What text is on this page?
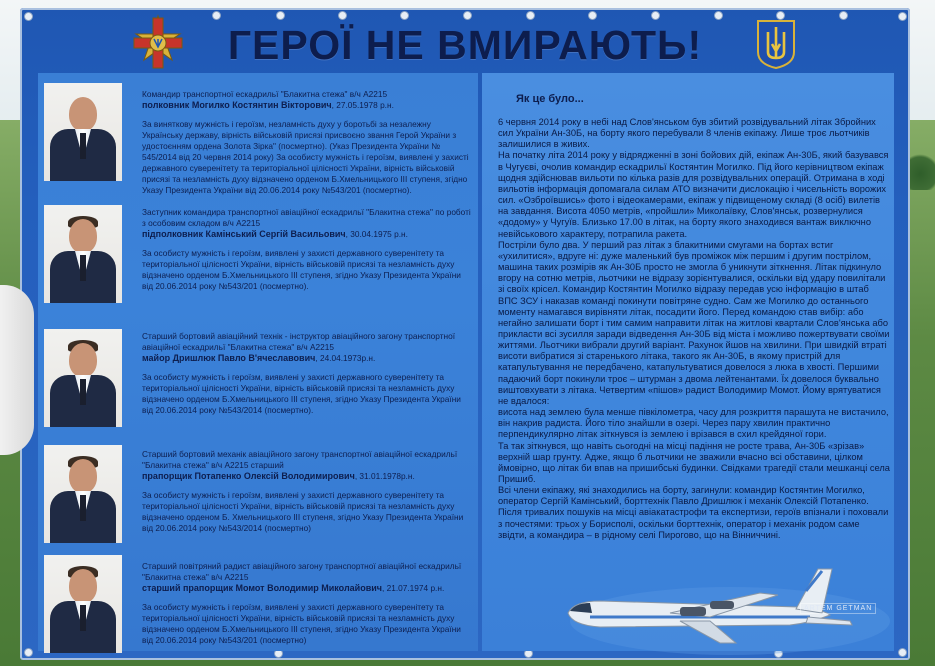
ГЕРОЇ НЕ ВМИРАЮТЬ!

Командир транспортної ескадрильї "Блакитна стежа" в/ч А2215

полковник Могилко Костянтин Вікторович, 27.05.1978 р.н.

За виняткову мужність і героїзм, незламність духу у боротьбі за незалежну Українську державу, вірність військовій присязі присвоєно звання Герой України з удостоєнням ордена Золота Зірка" (посмертно). (Указ Президента України № 545/2014 від 20 червня 2014 року) За особисту мужність і героїзм, виявлені у захисті державного суверенітету та територіальної цілісності України, вірність військовій присязі та незламність духу відзначено орденом Б.Хмельницького ІІІ ступеня, згідно Указу Президента України від 20.06.2014 року №543/201 (посмертно).

Заступник командира транспортної авіаційної ескадрильї "Блакитна стежа" по роботі з особовим складом в/ч А2215

підполковник Камінський Сергій Васильович, 30.04.1975 р.н.

За особисту мужність і героїзм, виявлені у захисті державного суверенітету та територіальної цілісності України, вірність військовій присязі та незламність духу відзначено орденом Б.Хмельницького ІІІ ступеня, згідно Указу Президента України від 20.06.2014 року №543/201 (посмертно).

Старший бортовий авіаційний технік - інструктор авіаційного загону транспортної авіаційної ескадрильї "Блакитна стежа" в/ч А2215

майор Дришлюк Павло В'ячеславович, 24.04.1973р.н.

За особисту мужність і героїзм, виявлені у захисті державного суверенітету та територіальної цілісності України, вірність військовій присязі та незламність духу відзначено орденом Б.Хмельницького ІІІ ступеня, згідно Указу Президента України від 20.06.2014 року №543/2014 (посмертно).

Старший бортовий механік авіаційного загону транспортної авіаційної ескадрильї "Блакитна стежа" в/ч А2215 старший

прапорщик Потапенко Олексій Володимирович, 31.01.1978р.н.

За особисту мужність і героїзм, виявлені у захисті державного суверенітету та територіальної цілісності України, вірність військовій присязі та незламність духу відзначено орденом Б. Хмельницького ІІІ ступеня, згідно Указу Президента України від 20.06.2014 року №543/2014 (посмертно)

Старший повітряний радист авіаційного загону транспортної авіаційної ескадрильї "Блакитна стежа" в/ч А2215

старший прапорщик Момот Володимир Миколайович, 21.07.1974 р.н.

За особисту мужність і героїзм, виявлені у захисті державного суверенітету та територіальної цілісності України, вірність військовій присязі та незламність духу відзначено орденом Б.Хмельницького ІІІ ступеня, згідно Указу Президента України від 20.06.2014 року №543/201 (посмертно)

Як це було...

6 червня 2014 року в небі над Слов'янськом був збитий розвідувальний літак Збройних сил України Ан-30Б, на борту якого перебували 8 членів екіпажу. Лише троє льотчиків залишилися в живих.

На початку літа 2014 року у відрядженні в зоні бойових дій, екіпаж Ан-30Б, який базувався в Чугуєві, очолив командир ескадрильї Костянтин Могилко. Під його керівництвом екіпаж щодня здійснював вильоти по кілька разів для розвідувальних операцій. Отримана в ході вильотів інформація допомагала силам АТО визначити дислокацію і чисельність ворожих сил. «Озброївшись» фото і відеокамерами, екіпаж у підвищеному складі (8 осіб) вилетів на завдання. Висота 4050 метрів, «пройшли» Миколаївку, Слов'янськ, розвернулися «додому» у Чугуїв. Близько 17.00 в літак, на борту якого знаходився вантаж виключно невійськового характеру, потрапила ракета.

Постріли було два. У перший раз літак з блакитними смугами на бортах встиг «ухилитися», вдруге ні: дуже маленький був проміжок між першим і другим пострілом, машина таких розмірів як Ан-30Б просто не змогла б уникнути зіткнення. Літак підкинуло вгору на сотню метрів, льотчики не відразу зорієнтувалися, оскільки від удару повилітали зі своїх крісел. Командир Костянтин Могилко відразу передав усю інформацію в штаб ВПС ЗСУ і наказав команді покинути повітряне судно. Сам же Могилко до останнього моменту намагався вирівняти літак, посадити його. Перед командою став вибір: або негайно залишати борт і тим самим направити літак на житлові квартали Слов'янська або прикласти всі зусилля заради відведення Ан-30Б від міста і можливо пожертвувати своїми життями. Льотчики вибрали другий варіант. Рахунок йшов на хвилини. При швидкій втраті висоти вибратися зі старенького літака, такого як Ан-30Б, в якому пристрій для катапультування не передбачено, катапультуватися довелося з люка в хвості. Першими падаючий борт покинули троє – штурман з двома лейтенантами. Їх довелося буквально виштовхувати з літака. Четвертим «пішов» радист Володимир Момот. Йому врятуватися не вдалося:

висота над землею була менше півкілометра, часу для розкриття парашута не вистачило, він накрив радиста. Його тіло знайшли в озері. Через пару хвилин практично перпендикулярно літак зіткнувся із землею і врізався в схил крейдяної гори.

Та так зіткнувся, що навіть сьогодні на місці падіння не росте трава, Ан-30Б «зрізав» верхній шар грунту. Адже, якщо б льотчики не зважили вчасно всі обставини, цілком ймовірно, що літак би впав на пришибські будинки. Свідками трагедії стали мешканці села Пришиб.

Всі члени екіпажу, які знаходились на борту, загинули: командир Костянтин Могилко, оператор Сергій Камінський, борттехнік Павло Дришлюк і механік Олексій Потапенко. Після тривалих пошуків на місці авіакатастрофи та експертизи, героїв впізнали і поховали з почестями: трьох у Борисполі, оскільки борттехнік, оператор і механік родом саме звідти, а командира – в рідному селі Пирогово, що на Вінниччині.

ARTEM GETMAN
